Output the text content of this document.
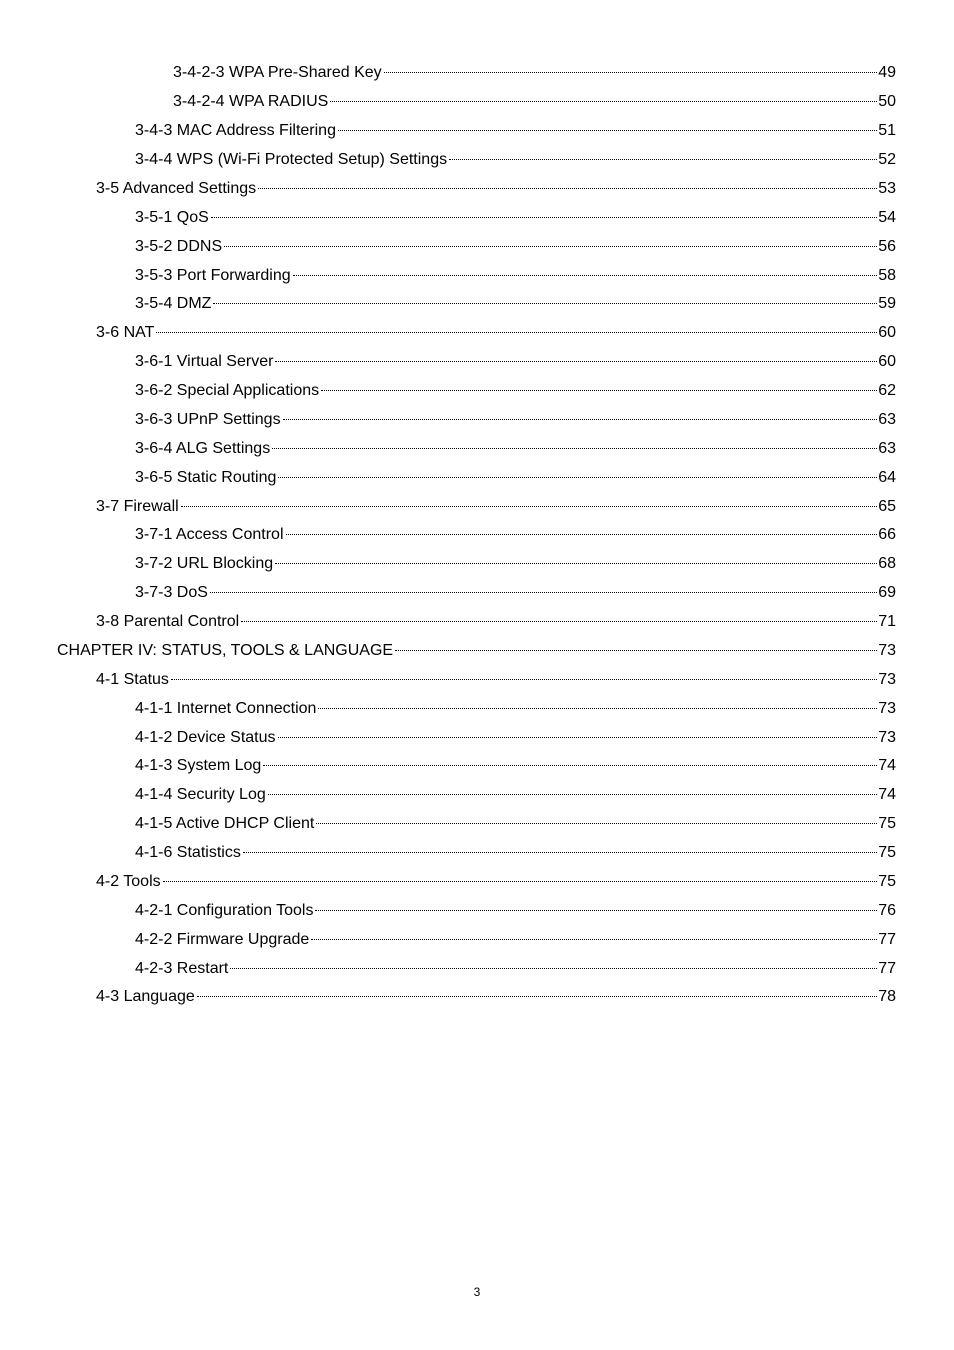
3-4-2-3 WPA Pre-Shared Key	49
3-4-2-4 WPA RADIUS	50
3-4-3 MAC Address Filtering	51
3-4-4 WPS (Wi-Fi Protected Setup) Settings	52
3-5 Advanced Settings	53
3-5-1 QoS	54
3-5-2 DDNS	56
3-5-3 Port Forwarding	58
3-5-4 DMZ	59
3-6 NAT	60
3-6-1 Virtual Server	60
3-6-2 Special Applications	62
3-6-3 UPnP Settings	63
3-6-4 ALG Settings	63
3-6-5 Static Routing	64
3-7 Firewall	65
3-7-1 Access Control	66
3-7-2 URL Blocking	68
3-7-3 DoS	69
3-8 Parental Control	71
CHAPTER IV: STATUS, TOOLS & LANGUAGE	73
4-1 Status	73
4-1-1 Internet Connection	73
4-1-2 Device Status	73
4-1-3 System Log	74
4-1-4 Security Log	74
4-1-5 Active DHCP Client	75
4-1-6 Statistics	75
4-2 Tools	75
4-2-1 Configuration Tools	76
4-2-2 Firmware Upgrade	77
4-2-3 Restart	77
4-3 Language	78
3
